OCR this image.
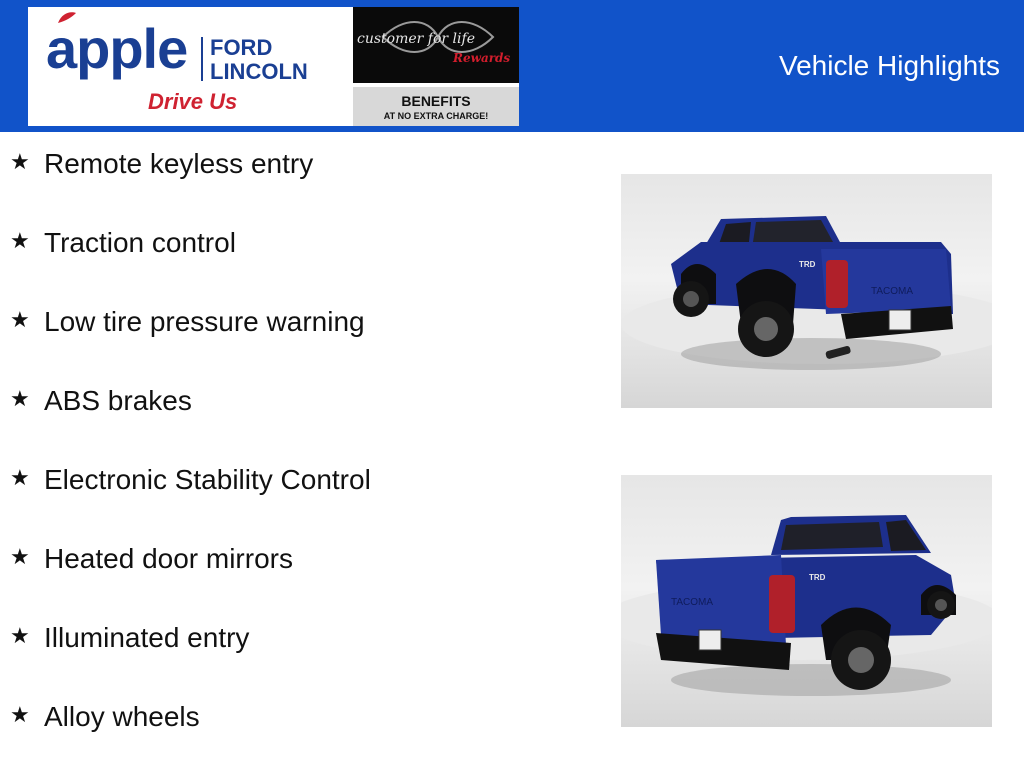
apple FORD
LINCOLN
Drive Us
customer for life
Rewards
BENEFITS
AT NO EXTRA CHARGE!
Vehicle Highlights
★ Remote keyless entry
★ Traction control
★ Low tire pressure warning
★ ABS brakes
★ Electronic Stability Control
★ Heated door mirrors
★ Illuminated entry
★ Alloy wheels
TACOMA
TRD
TACOMA
TRD
